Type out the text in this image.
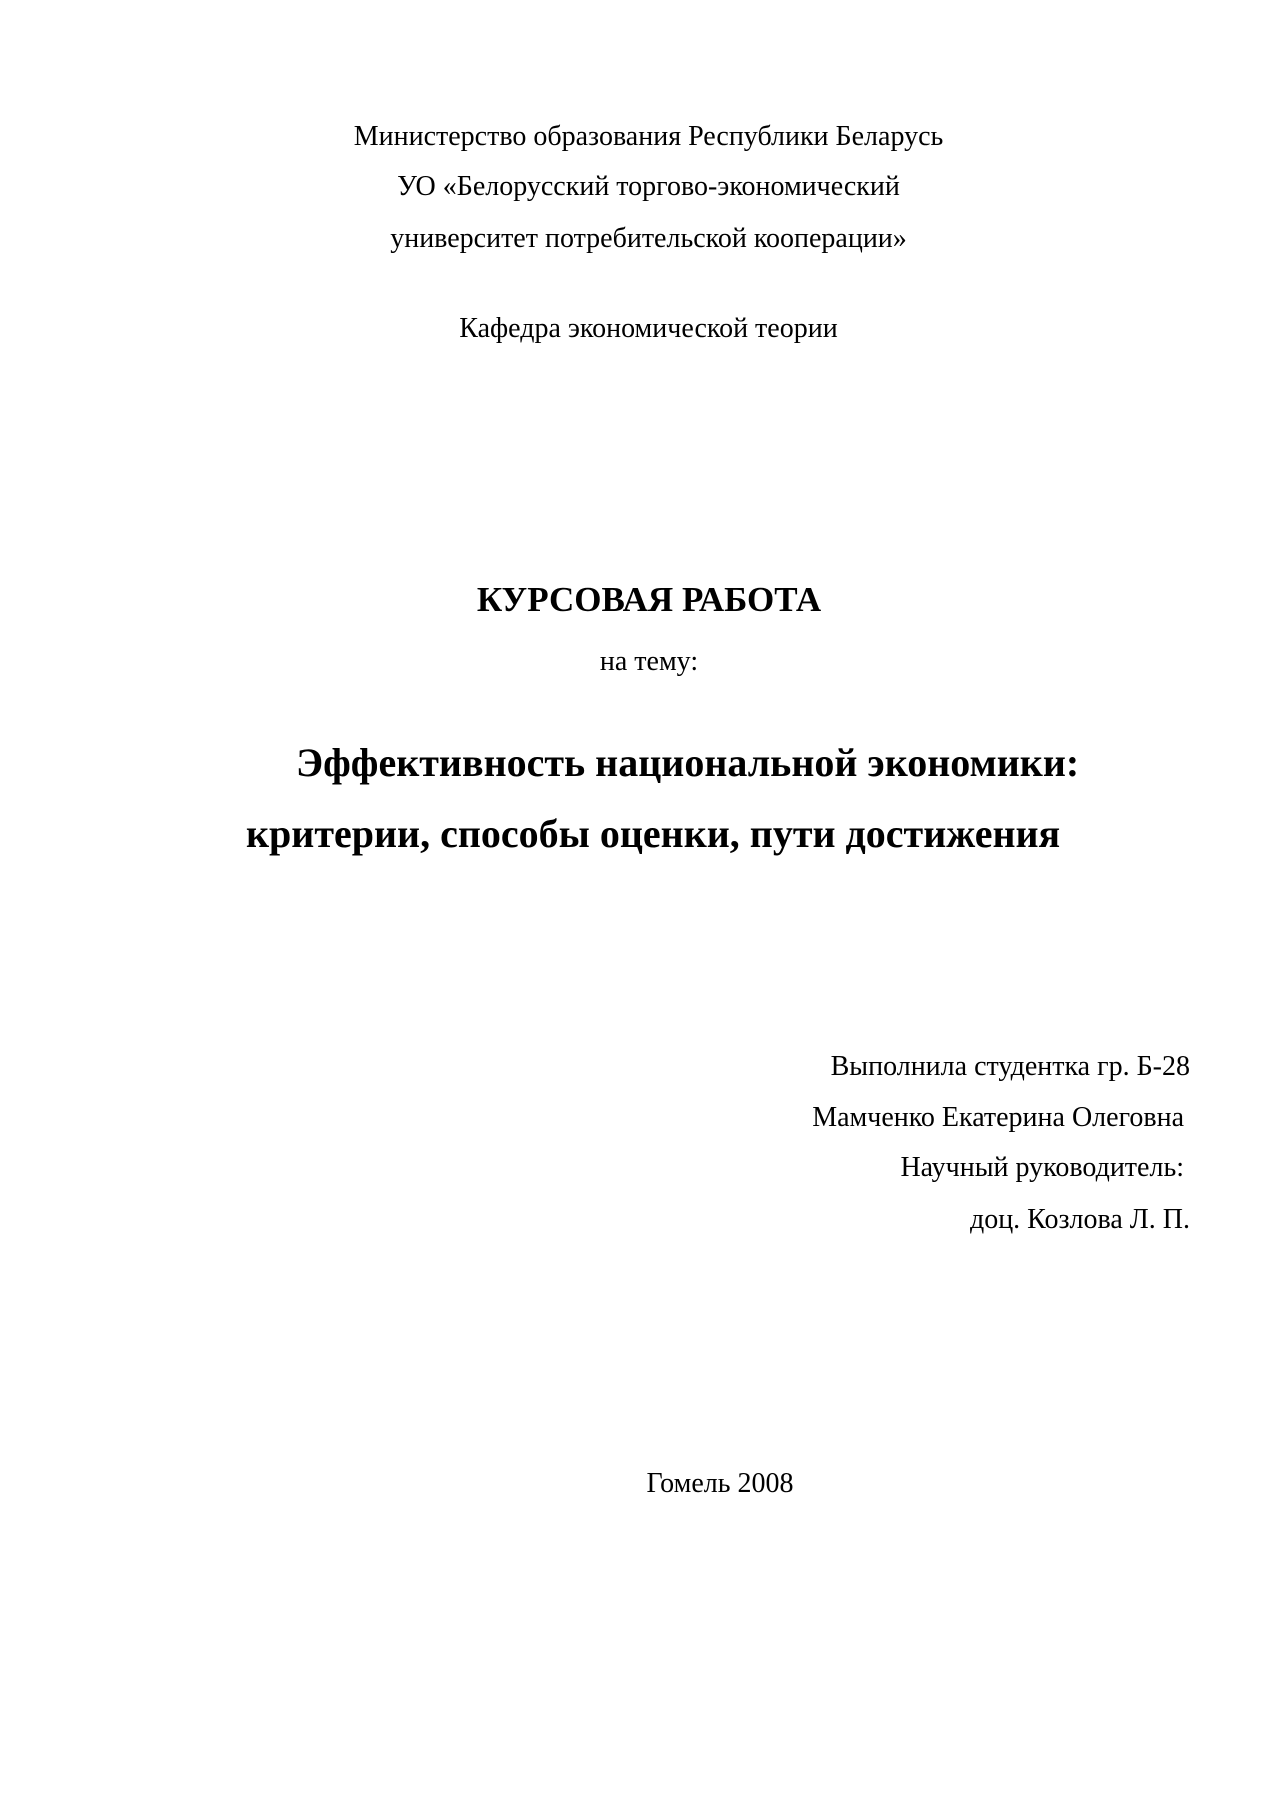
Министерство образования Республики Беларусь
УО «Белорусский торгово-экономический
университет потребительской кооперации»
Кафедра экономической теории
КУРСОВАЯ РАБОТА
на тему:
Эффективность национальной экономики:
критерии, способы оценки, пути достижения
Выполнила студентка гр. Б-28
Мамченко Екатерина Олеговна
Научный руководитель:
доц. Козлова Л. П.
Гомель 2008
